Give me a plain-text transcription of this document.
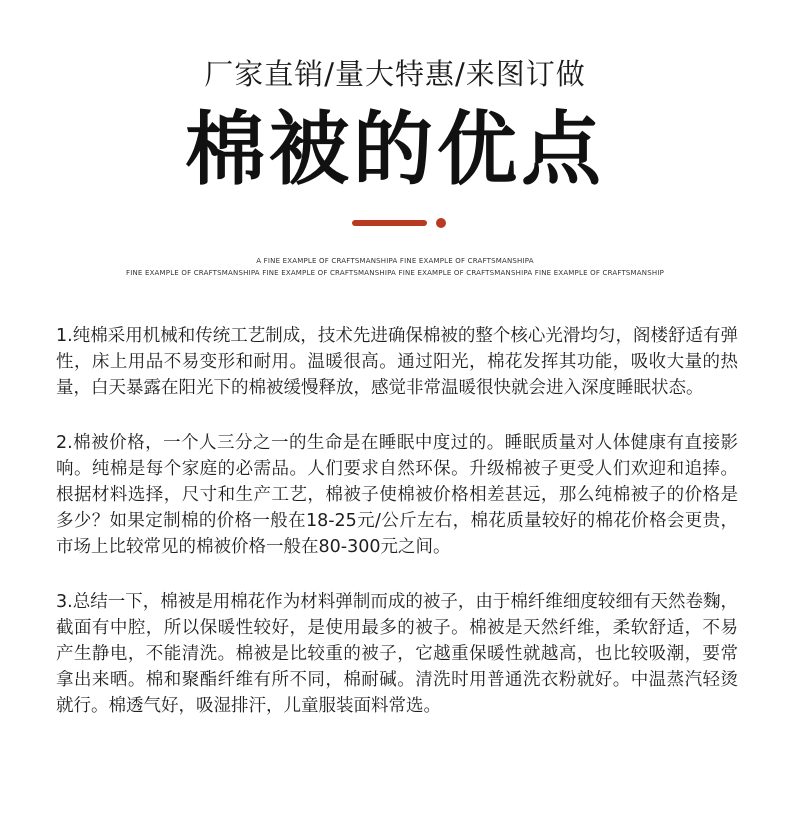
厂家直销/量大特惠/来图订做
棉被的优点
A FINE EXAMPLE OF CRAFTSMANSHIPA FINE EXAMPLE OF CRAFTSMANSHIPA
FINE EXAMPLE OF CRAFTSMANSHIPA FINE EXAMPLE OF CRAFTSMANSHIPA FINE EXAMPLE OF CRAFTSMANSHIPA FINE EXAMPLE OF CRAFTSMANSHIP

1.纯棉采用机械和传统工艺制成，技术先进确保棉被的整个核心光滑均匀，阁楼舒适有弹性，床上用品不易变形和耐用。温暖很高。通过阳光，棉花发挥其功能，吸收大量的热量，白天暴露在阳光下的棉被缓慢释放，感觉非常温暖很快就会进入深度睡眠状态。

2.棉被价格，一个人三分之一的生命是在睡眠中度过的。睡眠质量对人体健康有直接影响。纯棉是每个家庭的必需品。人们要求自然环保。升级棉被子更受人们欢迎和追捧。根据材料选择，尺寸和生产工艺，棉被子使棉被价格相差甚远，那么纯棉被子的价格是多少？如果定制棉的价格一般在18-25元/公斤左右，棉花质量较好的棉花价格会更贵，市场上比较常见的棉被价格一般在80-300元之间。

3.总结一下，棉被是用棉花作为材料弹制而成的被子，由于棉纤维细度较细有天然卷麴，截面有中腔，所以保暖性较好，是使用最多的被子。棉被是天然纤维，柔软舒适，不易产生静电，不能清洗。棉被是比较重的被子，它越重保暖性就越高，也比较吸潮，要常拿出来晒。棉和聚酯纤维有所不同，棉耐碱。清洗时用普通洗衣粉就好。中温蒸汽轻烫就行。棉透气好，吸湿排汗，儿童服装面料常选。
